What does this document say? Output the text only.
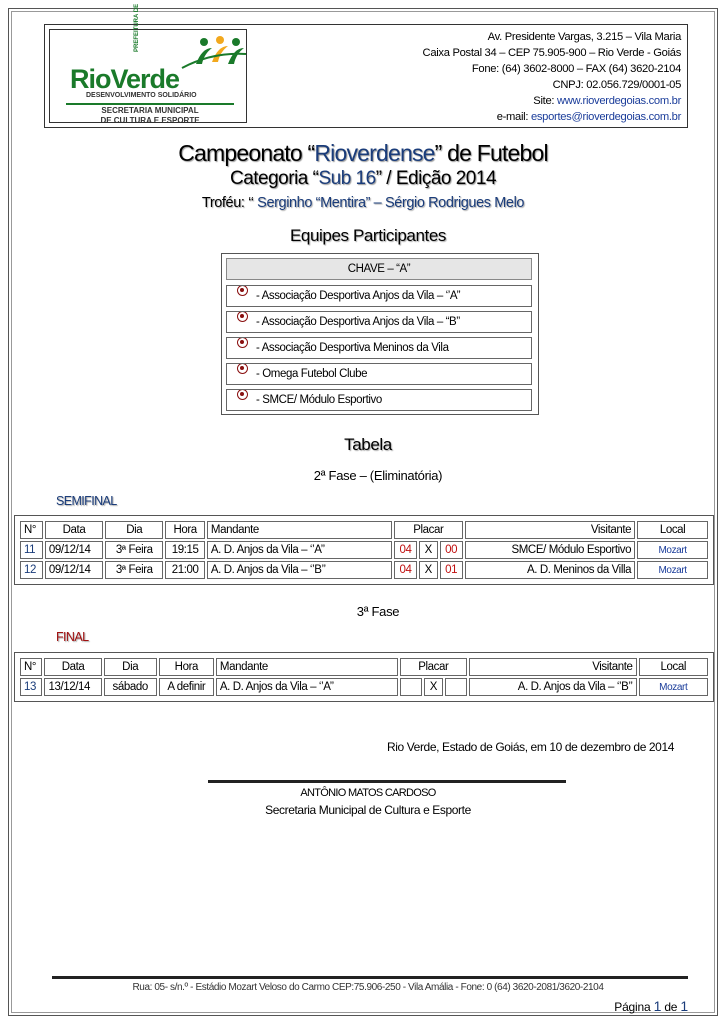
PREFEITURA DE
RioVerde
DESENVOLVIMENTO SOLIDÁRIO
SECRETARIA MUNICIPAL
DE CULTURA E ESPORTE
Av. Presidente Vargas, 3.215 – Vila Maria
Caixa Postal 34 – CEP 75.905-900 – Rio Verde - Goiás
Fone: (64) 3602-8000 – FAX (64) 3620-2104
CNPJ: 02.056.729/0001-05
Site: www.rioverdegoias.com.br
e-mail: esportes@rioverdegoias.com.br
Campeonato “Rioverdense” de Futebol
Categoria “Sub 16” / Edição 2014
Troféu: ‘‘ Serginho “Mentira” – Sérgio Rodrigues Melo
Equipes Participantes
CHAVE – “A”
- Associação Desportiva Anjos da Vila – ‘’A’’
- Associação Desportiva Anjos da Vila – “B”
- Associação Desportiva Meninos da Vila
- Omega Futebol Clube
- SMCE/ Módulo Esportivo
Tabela
2ª Fase – (Eliminatória)
SEMIFINAL
N°	Data	Dia	Hora	Mandante	Placar			Visitante	Local
11	09/12/14	3ª Feira	19:15	A. D. Anjos da Vila – ‘’A’’	04	X	00	SMCE/ Módulo Esportivo	Mozart
12	09/12/14	3ª Feira	21:00	A. D. Anjos da Vila – ‘’B’’	04	X	01	A. D. Meninos da Villa	Mozart
3ª Fase
FINAL
N°	Data	Dia	Hora	Mandante	Placar			Visitante	Local
13	13/12/14	sábado	A definir	A. D. Anjos da Vila – ‘’A’’		X		A. D. Anjos da Vila – ‘’B’’	Mozart
Rio Verde, Estado de Goiás, em 10 de dezembro de 2014
ANTÔNIO MATOS CARDOSO
Secretaria Municipal de Cultura e Esporte
Rua: 05- s/n.º - Estádio Mozart Veloso do Carmo CEP:75.906-250 - Vila Amália - Fone: 0 (64) 3620-2081/3620-2104
Página 1 de 1
